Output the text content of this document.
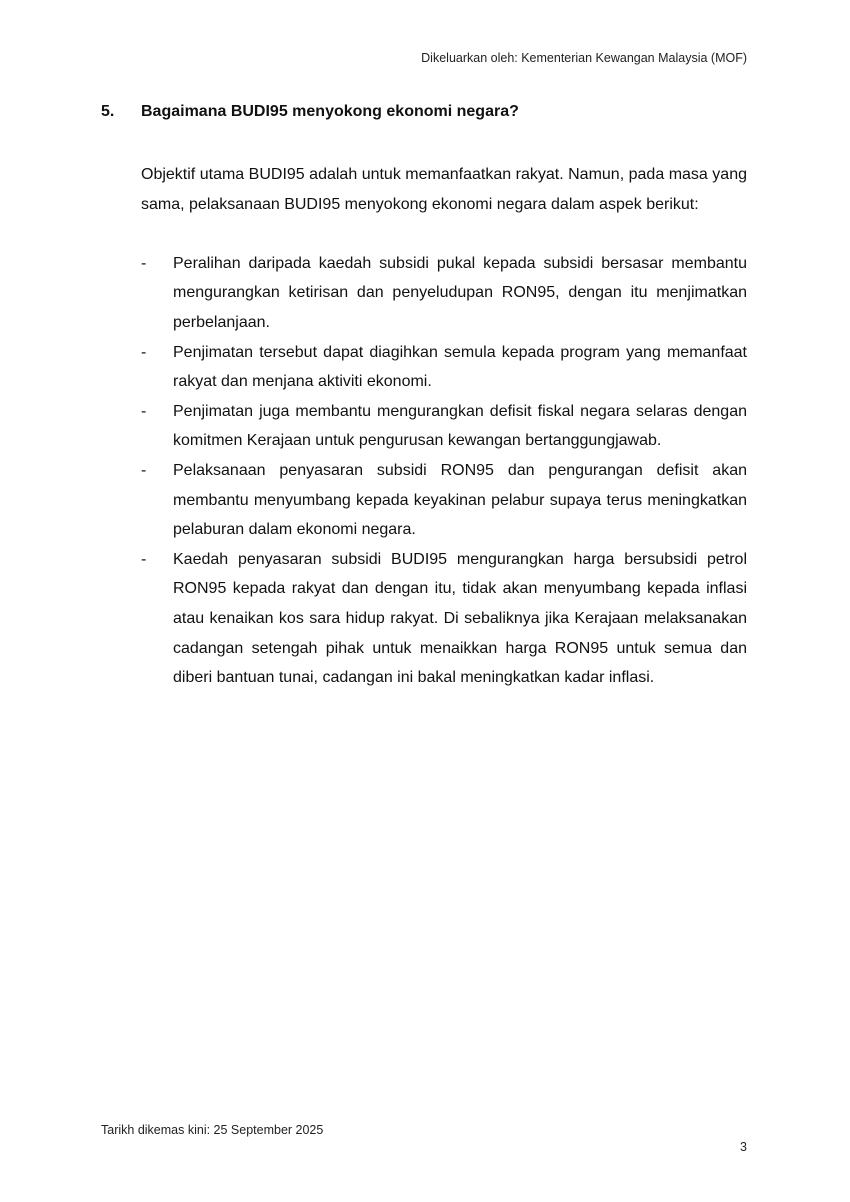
Dikeluarkan oleh: Kementerian Kewangan Malaysia (MOF)
5. Bagaimana BUDI95 menyokong ekonomi negara?

Objektif utama BUDI95 adalah untuk memanfaatkan rakyat. Namun, pada masa yang sama, pelaksanaan BUDI95 menyokong ekonomi negara dalam aspek berikut:

- Peralihan daripada kaedah subsidi pukal kepada subsidi bersasar membantu mengurangkan ketirisan dan penyeludupan RON95, dengan itu menjimatkan perbelanjaan.
- Penjimatan tersebut dapat diagihkan semula kepada program yang memanfaat rakyat dan menjana aktiviti ekonomi.
- Penjimatan juga membantu mengurangkan defisit fiskal negara selaras dengan komitmen Kerajaan untuk pengurusan kewangan bertanggungjawab.
- Pelaksanaan penyasaran subsidi RON95 dan pengurangan defisit akan membantu menyumbang kepada keyakinan pelabur supaya terus meningkatkan pelaburan dalam ekonomi negara.
- Kaedah penyasaran subsidi BUDI95 mengurangkan harga bersubsidi petrol RON95 kepada rakyat dan dengan itu, tidak akan menyumbang kepada inflasi atau kenaikan kos sara hidup rakyat. Di sebaliknya jika Kerajaan melaksanakan cadangan setengah pihak untuk menaikkan harga RON95 untuk semua dan diberi bantuan tunai, cadangan ini bakal meningkatkan kadar inflasi.
Tarikh dikemas kini: 25 September 2025
3
